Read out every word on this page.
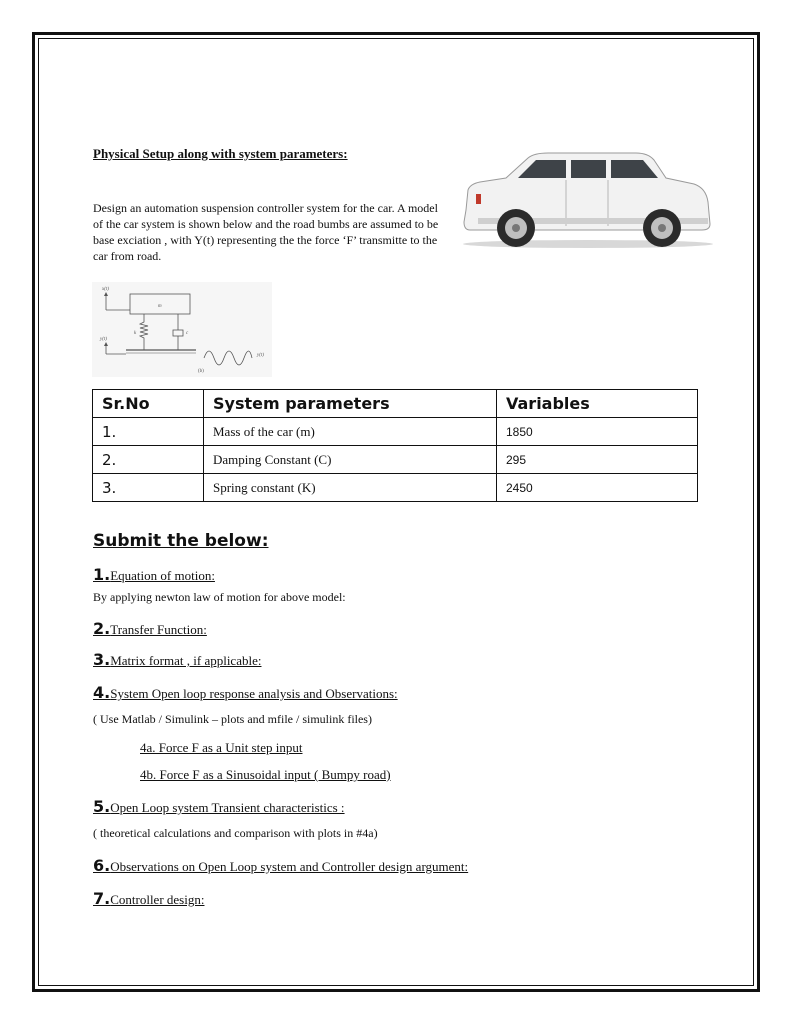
Physical Setup along with system parameters:
Design an automation suspension controller system for the car. A model of the car system is shown below and the road bumbs are assumed to be base exciation , with Y(t) representing the the force ‘F’ transmitte to the car from road.
x(t)
m
k	c
y(t)
y(t)
(b)
Sr.No	System parameters	Variables
1.	Mass of the car (m)	1850
2.	Damping Constant (C)	295
3.	Spring constant (K)	2450
Submit the below:
1.Equation of motion:
By applying newton law of motion for above model:
2.Transfer Function:
3.Matrix format , if applicable:
4.System Open loop response analysis and Observations:
( Use Matlab / Simulink – plots and mfile / simulink files)
4a. Force F as a Unit step input
4b. Force F as a Sinusoidal input ( Bumpy road)
5.Open Loop system Transient characteristics :
( theoretical calculations and comparison with plots in #4a)
6.Observations on Open Loop system and Controller design argument:
7.Controller design:
